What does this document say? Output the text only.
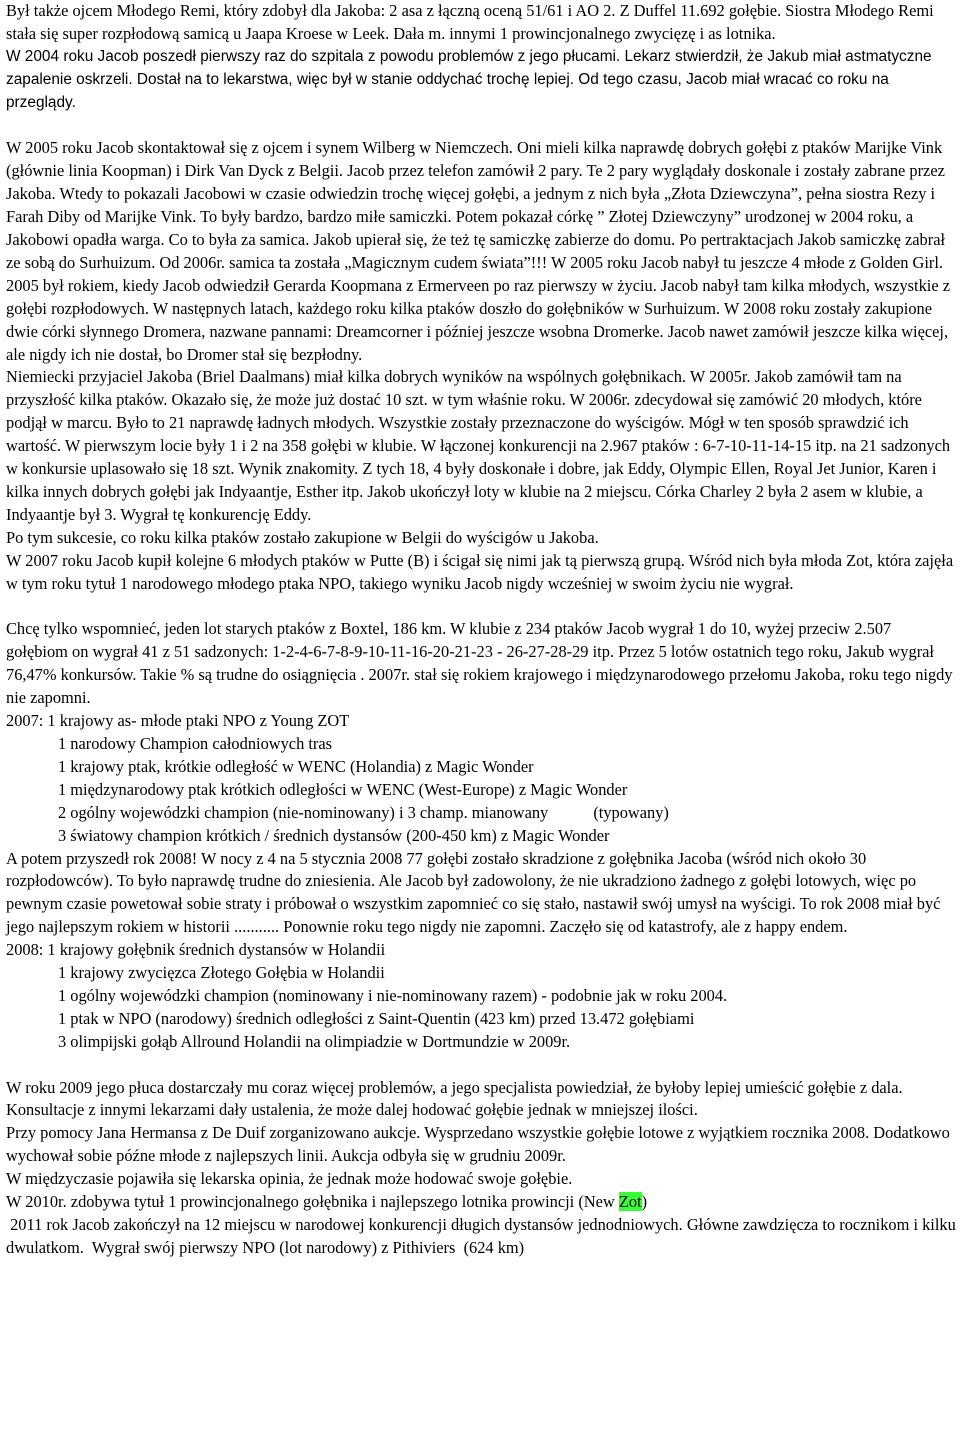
Był także ojcem Młodego Remi, który zdobył dla Jakoba: 2 asa z łączną oceną 51/61 i AO 2. Z Duffel 11.692 gołębie. Siostra Młodego Remi stała się super rozpłodową samicą u Jaapa Kroese w Leek. Dała m. innymi 1 prowincjonalnego zwycięzę i as lotnika.

W 2004 roku Jacob poszedł pierwszy raz do szpitala z powodu problemów z jego płucami. Lekarz stwierdził, że Jakub miał astmatyczne zapalenie oskrzeli. Dostał na to lekarstwa, więc był w stanie oddychać trochę lepiej. Od tego czasu, Jacob miał wracać co roku na przeglądy.

W 2005 roku Jacob skontaktował się z ojcem i synem Wilberg w Niemczech. Oni mieli kilka naprawdę dobrych gołębi z ptaków Marijke Vink (głównie linia Koopman) i Dirk Van Dyck z Belgii. Jacob przez telefon zamówił 2 pary. Te 2 pary wyglądały doskonale i zostały zabrane przez Jakoba. Wtedy to pokazali Jacobowi w czasie odwiedzin trochę więcej gołębi, a jednym z nich była „Złota Dziewczyna”, pełna siostra Rezy i Farah Diby od Marijke Vink. To były bardzo, bardzo miłe samiczki. Potem pokazał córkę ” Złotej Dziewczyny” urodzonej w 2004 roku, a Jakobowi opadła warga. Co to była za samica. Jakob upierał się, że też tę samiczkę zabierze do domu. Po pertraktacjach Jakob samiczkę zabrał ze sobą do Surhuizum. Od 2006r. samica ta została „Magicznym cudem świata”!!! W 2005 roku Jacob nabył tu jeszcze 4 młode z Golden Girl.

2005 był rokiem, kiedy Jacob odwiedził Gerarda Koopmana z Ermerveen po raz pierwszy w życiu. Jacob nabył tam kilka młodych, wszystkie z gołębi rozpłodowych. W następnych latach, każdego roku kilka ptaków doszło do gołębników w Surhuizum. W 2008 roku zostały zakupione dwie córki słynnego Dromera, nazwane pannami: Dreamcorner i później jeszcze wsobna Dromerke. Jacob nawet zamówił jeszcze kilka więcej, ale nigdy ich nie dostał, bo Dromer stał się bezpłodny.

Niemiecki przyjaciel Jakoba (Briel Daalmans) miał kilka dobrych wyników na wspólnych gołębnikach. W 2005r. Jakob zamówił tam na przyszłość kilka ptaków. Okazało się, że może już dostać 10 szt. w tym właśnie roku. W 2006r. zdecydował się zamówić 20 młodych, które podjął w marcu. Było to 21 naprawdę ładnych młodych. Wszystkie zostały przeznaczone do wyścigów. Mógł w ten sposób sprawdzić ich wartość. W pierwszym locie były 1 i 2 na 358 gołębi w klubie. W łączonej konkurencji na 2.967 ptaków : 6-7-10-11-14-15 itp. na 21 sadzonych w konkursie uplasowało się 18 szt. Wynik znakomity. Z tych 18, 4 były doskonałe i dobre, jak Eddy, Olympic Ellen, Royal Jet Junior, Karen i kilka innych dobrych gołębi jak Indyaantje, Esther itp. Jakob ukończył loty w klubie na 2 miejscu. Córka Charley 2 była 2 asem w klubie, a Indyaantje był 3. Wygrał tę konkurencję Eddy.

Po tym sukcesie, co roku kilka ptaków zostało zakupione w Belgii do wyścigów u Jakoba.

W 2007 roku Jacob kupił kolejne 6 młodych ptaków w Putte (B) i ścigał się nimi jak tą pierwszą grupą. Wśród nich była młoda Zot, która zajęła w tym roku tytuł 1 narodowego młodego ptaka NPO, takiego wyniku Jacob nigdy wcześniej w swoim życiu nie wygrał.

Chcę tylko wspomnieć, jeden lot starych ptaków z Boxtel, 186 km. W klubie z 234 ptaków Jacob wygrał 1 do 10, wyżej przeciw 2.507 gołębiom on wygrał 41 z 51 sadzonych: 1-2-4-6-7-8-9-10-11-16-20-21-23 - 26-27-28-29 itp. Przez 5 lotów ostatnich tego roku, Jakub wygrał 76,47% konkursów. Takie % są trudne do osiągnięcia . 2007r. stał się rokiem krajowego i międzynarodowego przełomu Jakoba, roku tego nigdy nie zapomni.

2007: 1 krajowy as- młode ptaki NPO z Young ZOT

1 narodowy Champion całodniowych tras

1 krajowy ptak, krótkie odległość w WENC (Holandia) z Magic Wonder

1 międzynarodowy ptak krótkich odległości w WENC (West-Europe) z Magic Wonder

2 ogólny wojewódzki champion (nie-nominowany) i 3 champ. mianowany           (typowany)

3 światowy champion krótkich / średnich dystansów (200-450 km) z Magic Wonder

A potem przyszedł rok 2008! W nocy z 4 na 5 stycznia 2008 77 gołębi zostało skradzione z gołębnika Jacoba (wśród nich około 30 rozpłodowców). To było naprawdę trudne do zniesienia. Ale Jacob był zadowolony, że nie ukradziono żadnego z gołębi lotowych, więc po pewnym czasie powetował sobie straty i próbował o wszystkim zapomnieć co się stało, nastawił swój umysł na wyścigi. To rok 2008 miał być jego najlepszym rokiem w historii ........... Ponownie roku tego nigdy nie zapomni. Zaczęło się od katastrofy, ale z happy endem.

2008: 1 krajowy gołębnik średnich dystansów w Holandii

1 krajowy zwycięzca Złotego Gołębia w Holandii

1 ogólny wojewódzki champion (nominowany i nie-nominowany razem) - podobnie jak w roku 2004.

1 ptak w NPO (narodowy) średnich odległości z Saint-Quentin (423 km) przed 13.472 gołębiami

3 olimpijski gołąb Allround Holandii na olimpiadzie w Dortmundzie w 2009r.

W roku 2009 jego płuca dostarczały mu coraz więcej problemów, a jego specjalista powiedział, że byłoby lepiej umieścić gołębie z dala. Konsultacje z innymi lekarzami dały ustalenia, że może dalej hodować gołębie jednak w mniejszej ilości.

Przy pomocy Jana Hermansa z De Duif zorganizowano aukcje. Wysprzedano wszystkie gołębie lotowe z wyjątkiem rocznika 2008. Dodatkowo wychował sobie późne młode z najlepszych linii. Aukcja odbyła się w grudniu 2009r.

W międzyczasie pojawiła się lekarska opinia, że jednak może hodować swoje gołębie.

W 2010r. zdobywa tytuł 1 prowincjonalnego gołębnika i najlepszego lotnika prowincji (New Zot)

2011 rok Jacob zakończył na 12 miejscu w narodowej konkurencji długich dystansów jednodniowych. Główne zawdzięcza to rocznikom i kilku dwulatkom.  Wygrał swój pierwszy NPO (lot narodowy) z Pithiviers  (624 km)
